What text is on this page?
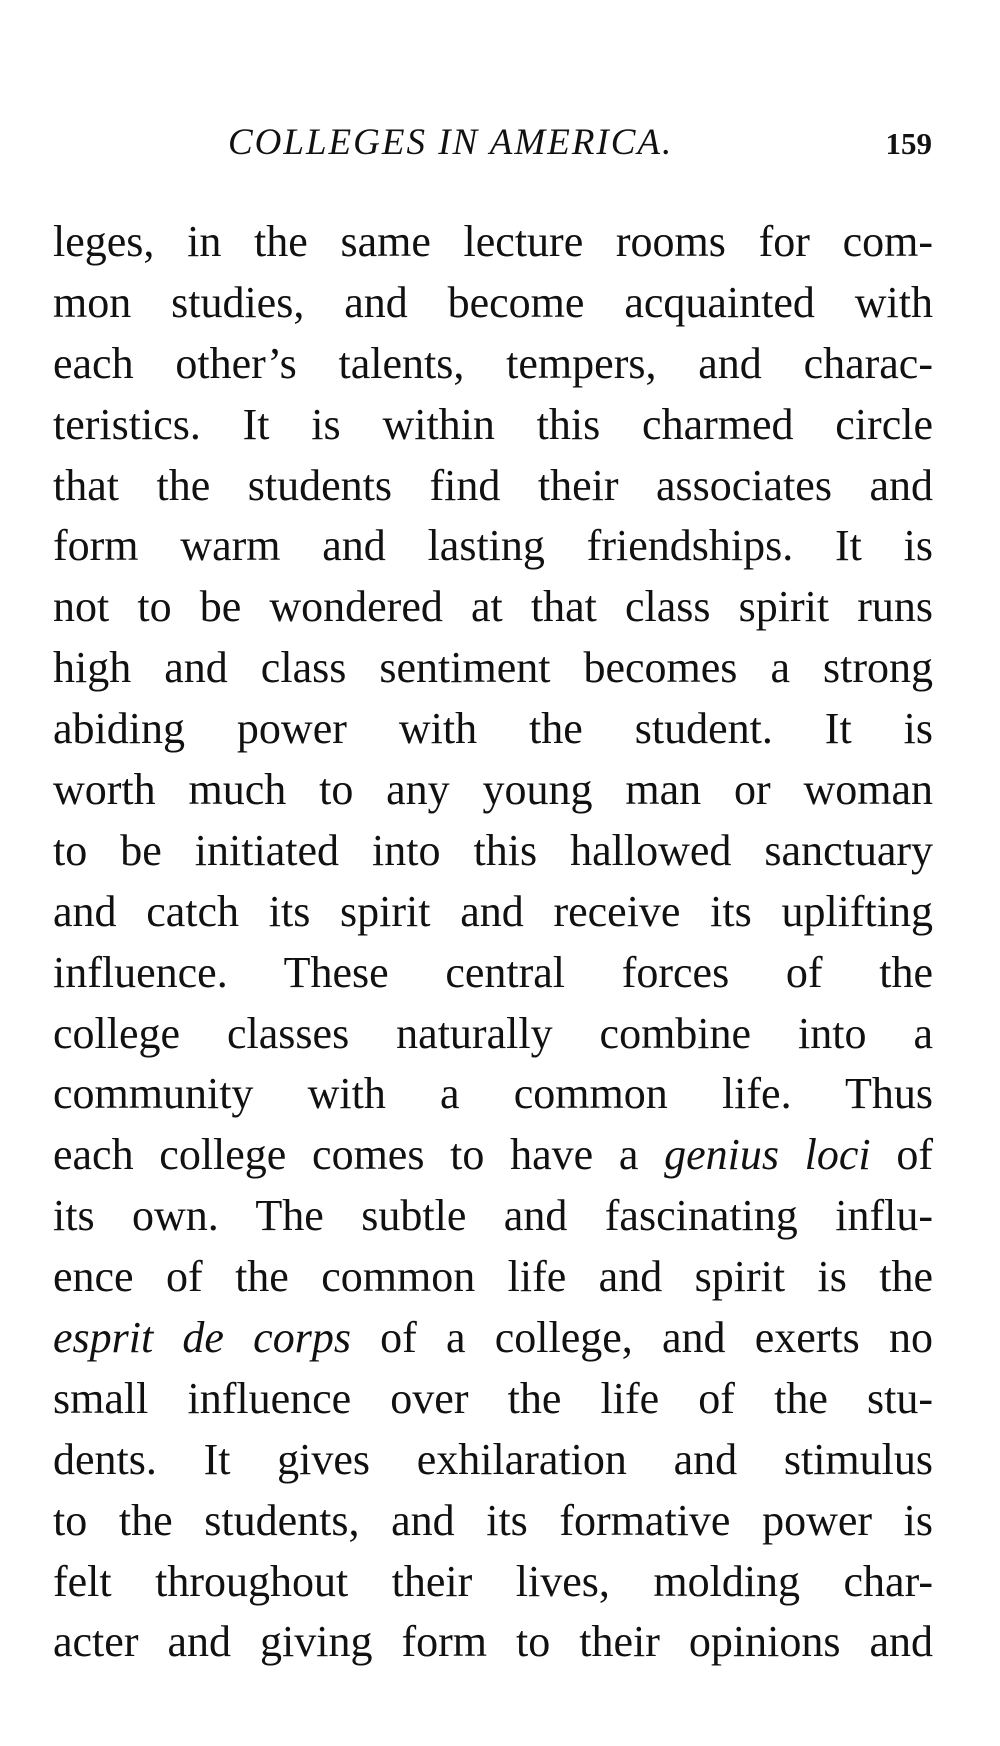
COLLEGES IN AMERICA.	159
leges, in the same lecture rooms for com-
mon studies, and become acquainted with
each other’s talents, tempers, and charac-
teristics. It is within this charmed circle
that the students find their associates and
form warm and lasting friendships. It is
not to be wondered at that class spirit runs
high and class sentiment becomes a strong
abiding power with the student. It is
worth much to any young man or woman
to be initiated into this hallowed sanctuary
and catch its spirit and receive its uplifting
influence. These central forces of the
college classes naturally combine into a
community with a common life. Thus
each college comes to have a genius loci of
its own. The subtle and fascinating influ-
ence of the common life and spirit is the
esprit de corps of a college, and exerts no
small influence over the life of the stu-
dents. It gives exhilaration and stimulus
to the students, and its formative power is
felt throughout their lives, molding char-
acter and giving form to their opinions and
